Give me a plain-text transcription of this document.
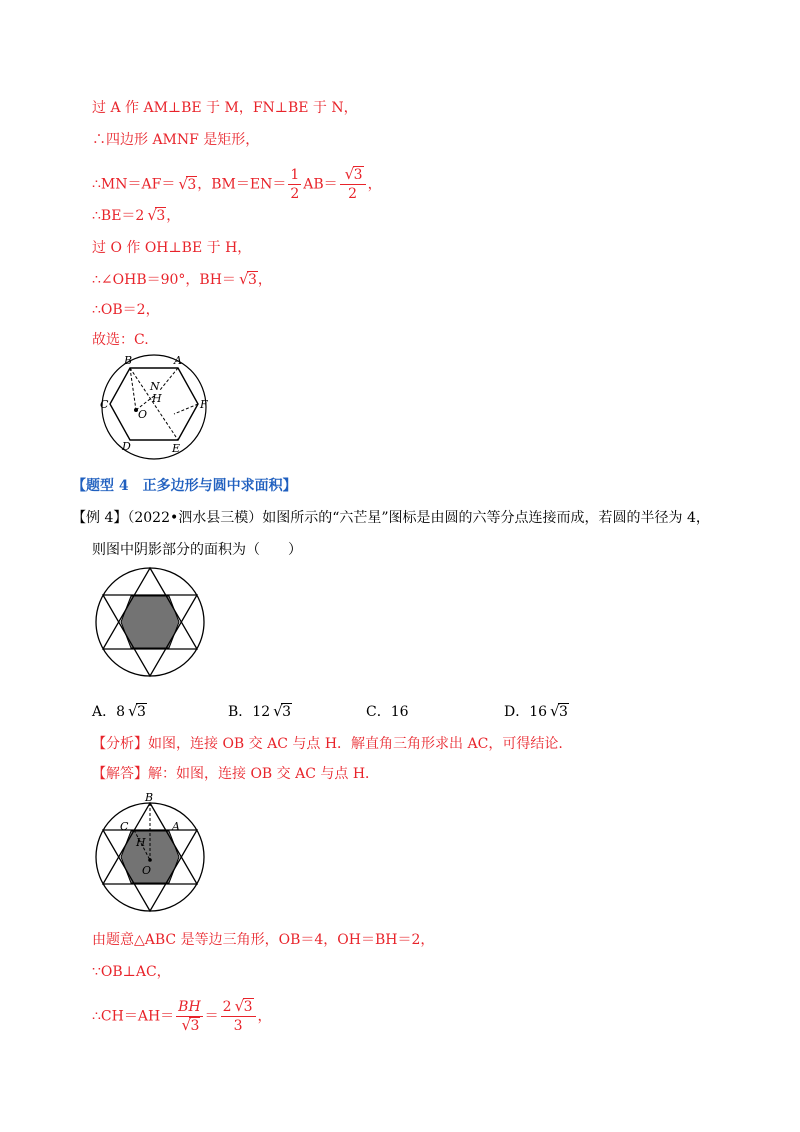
过 A 作 AM⊥BE 于 M，FN⊥BE 于 N，
∴四边形 AMNF 是矩形，
∴MN＝AF＝ √ 3，$BM=EN= \frac{1}{2} AB=$ √ $\frac{3}{2}$ ，
∴BE＝2 √ 3，
过 O 作 OH⊥BE 于 H，
∴∠OHB＝90°，BH＝ √ 3，
∴OB＝2，
故选：C.
B	A
C	F
D	E
O
H
N
【题型 4　正多边形与圆中求面积】
【例 4】（2022•泗水县三模）如图所示的“六芒星”图标是由圆的六等分点连接而成，若圆的半径为 4，
则图中阴影部分的面积为（　　）
A．8 √ 3	B．12 √ 3	C．16	D．16 √ 3
【分析】如图，连接 OB 交 AC 与点 H．解直角三角形求出 AC，可得结论.
【解答】解：如图，连接 OB 交 AC 与点 H．
B
C	A
H
O
由题意△ABC 是等边三角形，OB＝4，OH＝BH＝2，
∵OB⊥AC，
∴CH＝AH＝ BH
√ $3 = \frac{2 √ 3}{3}$ ，
